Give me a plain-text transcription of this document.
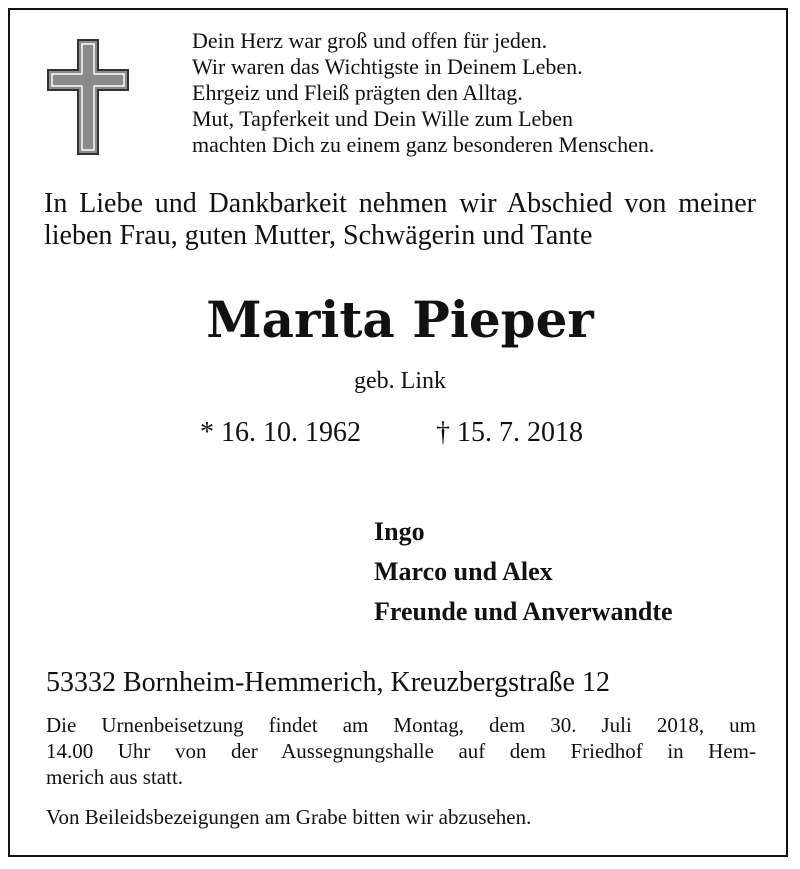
Dein Herz war groß und offen für jeden.
Wir waren das Wichtigste in Deinem Leben.
Ehrgeiz und Fleiß prägten den Alltag.
Mut, Tapferkeit und Dein Wille zum Leben
machten Dich zu einem ganz besonderen Menschen.
In Liebe und Dankbarkeit nehmen wir Abschied von meiner lieben Frau, guten Mutter, Schwägerin und Tante
Marita Pieper
geb. Link
* 16. 10. 1962	† 15. 7. 2018
Ingo
Marco und Alex
Freunde und Anverwandte
53332 Bornheim-Hemmerich, Kreuzbergstraße 12
Die Urnenbeisetzung findet am Montag, dem 30. Juli 2018, um
14.00 Uhr von der Aussegnungshalle auf dem Friedhof in Hem-
merich aus statt.
Von Beileidsbezeigungen am Grabe bitten wir abzusehen.
